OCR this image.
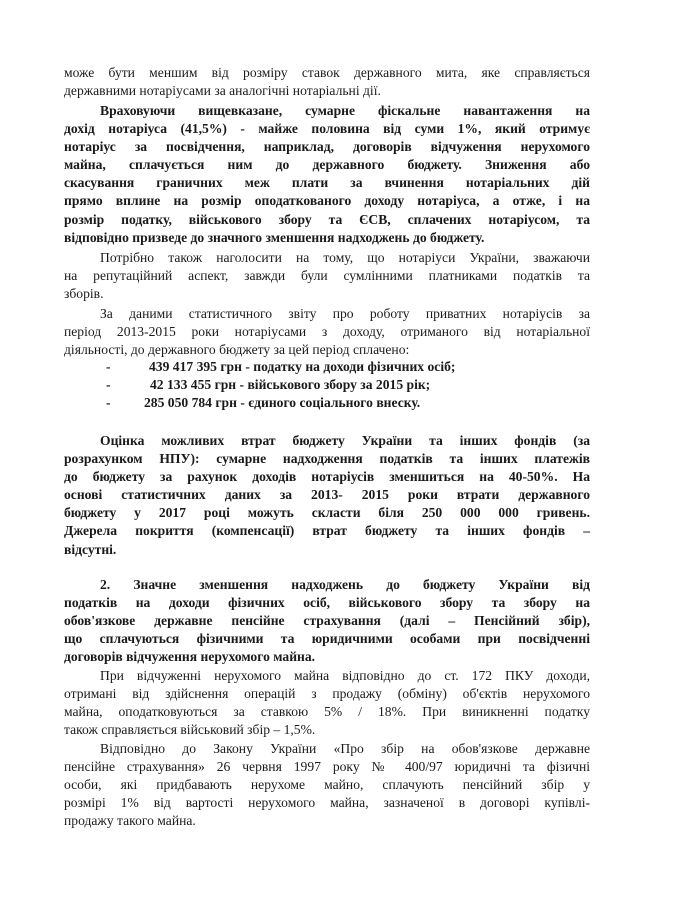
може бути меншим від розміру ставок державного мита, яке справляється
державними нотаріусами за аналогічні нотаріальні дії.
Враховуючи вищевказане, сумарне фіскальне навантаження на
дохід нотаріуса (41,5%) - майже половина від суми 1%, який отримує
нотаріус за посвідчення, наприклад, договорів відчуження нерухомого
майна, сплачується ним до державного бюджету. Зниження або
скасування граничних меж плати за вчинення нотаріальних дій
прямо вплине на розмір оподаткованого доходу нотаріуса, а отже, і на
розмір податку, військового збору та ЄСВ, сплачених нотаріусом, та
відповідно призведе до значного зменшення надходжень до бюджету.
Потрібно також наголосити на тому, що нотаріуси України, зважаючи
на репутаційний аспект, завжди були сумлінними платниками податків та
зборів.
За даними статистичного звіту про роботу приватних нотаріусів за
період 2013-2015 роки нотаріусами з доходу, отриманого від нотаріальної
діяльності, до державного бюджету за цей період сплачено:
-	439 417 395 грн - податку на доходи фізичних осіб;
-	42 133 455 грн - військового збору за 2015 рік;
- 285 050 784 грн - єдиного соціального внеску.
Оцінка можливих втрат бюджету України та інших фондів (за
розрахунком НПУ): сумарне надходження податків та інших платежів
до бюджету за рахунок доходів нотаріусів зменшиться на 40-50%. На
основі статистичних даних за 2013- 2015 роки втрати державного
бюджету у 2017 році можуть скласти біля 250 000 000 гривень.
Джерела покриття (компенсації) втрат бюджету та інших фондів –
відсутні.
2. Значне зменшення надходжень до бюджету України від
податків на доходи фізичних осіб, військового збору та збору на
обов'язкове державне пенсійне страхування (далі – Пенсійний збір),
що сплачуються фізичними та юридичними особами при посвідченні
договорів відчуження нерухомого майна.
При відчуженні нерухомого майна відповідно до ст. 172 ПКУ доходи,
отримані від здійснення операцій з продажу (обміну) об'єктів нерухомого
майна, оподатковуються за ставкою 5% / 18%. При виникненні податку
також справляється військовий збір – 1,5%.
Відповідно до Закону України «Про збір на обов'язкове державне
пенсійне страхування» 26 червня 1997 року № 400/97 юридичні та фізичні
особи, які придбавають нерухоме майно, сплачують пенсійний збір у
розмірі 1% від вартості нерухомого майна, зазначеної в договорі купівлі-
продажу такого майна.
